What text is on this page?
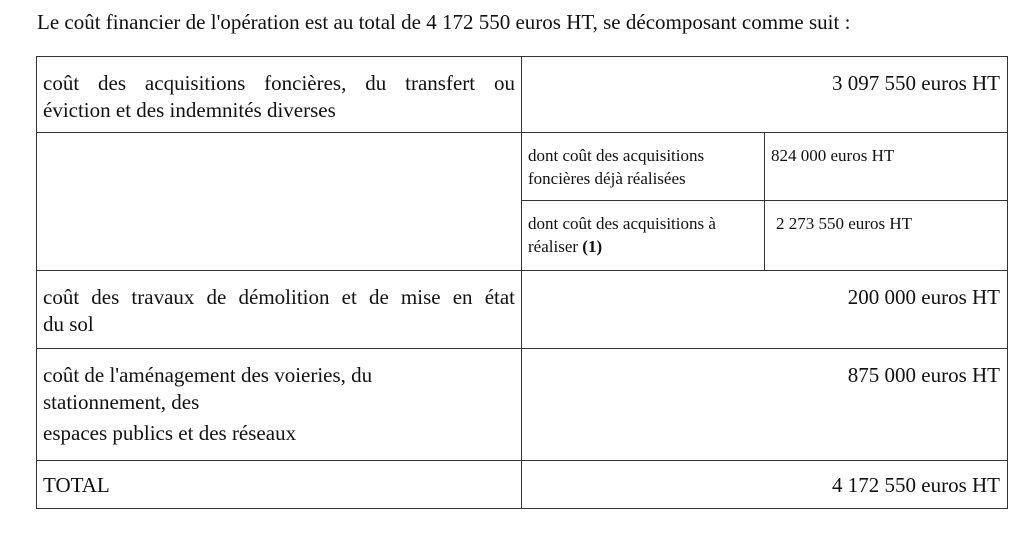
Le coût financier de l'opération est au total de 4 172 550 euros HT, se décomposant comme suit :
coût des acquisitions foncières, du transfert ou
éviction et des indemnités diverses	3 097 550 euros HT	
	dont coût des acquisitions foncières déjà réalisées	824 000 euros HT
	dont coût des acquisitions à réaliser (1)	2 273 550 euros HT

coût des travaux de démolition et de mise en état
du sol	200 000 euros HT	

coût de l'aménagement des voieries, du stationnement, des
espaces publics et des réseaux	875 000 euros HT	
TOTAL	4 172 550 euros HT	
